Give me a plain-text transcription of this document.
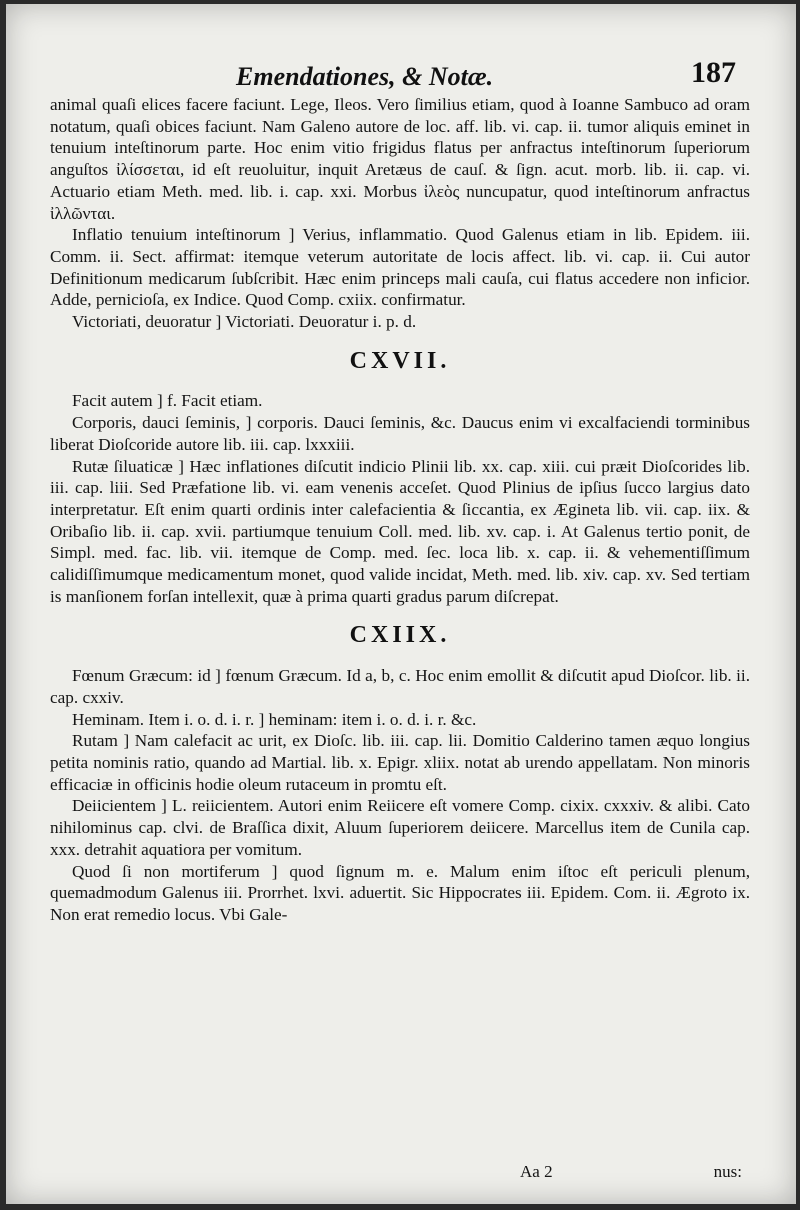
Emendationes, & Notæ.	187

animal quaſi elices facere faciunt. Lege, Ileos. Vero ſimilius etiam, quod à Ioanne Sambuco ad oram notatum, quaſi obices faciunt. Nam Galeno autore de loc. aff. lib. vi. cap. ii. tumor aliquis eminet in tenuium inteſtinorum parte. Hoc enim vitio frigidus flatus per anfractus inteſtinorum ſuperiorum anguſtos ἰλίσσεται, id eſt reuoluitur, inquit Aretæus de cauſ. & ſign. acut. morb. lib. ii. cap. vi. Actuario etiam Meth. med. lib. i. cap. xxi. Morbus ἰλεὸς nuncupatur, quod inteſtinorum anfractus ἰλλῶνται.

Inflatio tenuium inteſtinorum ] Verius, inflammatio. Quod Galenus etiam in lib. Epidem. iii. Comm. ii. Sect. affirmat: itemque veterum autoritate de locis affect. lib. vi. cap. ii. Cui autor Definitionum medicarum ſubſcribit. Hæc enim princeps mali cauſa, cui flatus accedere non inficior. Adde, pernicioſa, ex Indice. Quod Comp. cxiix. confirmatur.

Victoriati, deuoratur ] Victoriati. Deuoratur i. p. d.

CXVII.

Facit autem ] f. Facit etiam.

Corporis, dauci ſeminis, ] corporis. Dauci ſeminis, &c. Daucus enim vi excalfaciendi torminibus liberat Dioſcoride autore lib. iii. cap. lxxxiii.

Rutæ ſiluaticæ ] Hæc inflationes diſcutit indicio Plinii lib. xx. cap. xiii. cui præit Dioſcorides lib. iii. cap. liii. Sed Præfatione lib. vi. eam venenis acceſet. Quod Plinius de ipſius ſucco largius dato interpretatur. Eſt enim quarti ordinis inter calefacientia & ſiccantia, ex Ægineta lib. vii. cap. iix. & Oribaſio lib. ii. cap. xvii. partiumque tenuium Coll. med. lib. xv. cap. i. At Galenus tertio ponit, de Simpl. med. fac. lib. vii. itemque de Comp. med. ſec. loca lib. x. cap. ii. & vehementiſſimum calidiſſimumque medicamentum monet, quod valide incidat, Meth. med. lib. xiv. cap. xv. Sed tertiam is manſionem forſan intellexit, quæ à prima quarti gradus parum diſcrepat.

CXIIX.

Fœnum Græcum: id ] fœnum Græcum. Id a, b, c. Hoc enim emollit & diſcutit apud Dioſcor. lib. ii. cap. cxxiv.

Heminam. Item i. o. d. i. r. ] heminam: item i. o. d. i. r. &c.

Rutam ] Nam calefacit ac urit, ex Dioſc. lib. iii. cap. lii. Domitio Calderino tamen æquo longius petita nominis ratio, quando ad Martial. lib. x. Epigr. xliix. notat ab urendo appellatam. Non minoris efficaciæ in officinis hodie oleum rutaceum in promtu eſt.

Deiicientem ] L. reiicientem. Autori enim Reiicere eſt vomere Comp. cixix. cxxxiv. & alibi. Cato nihilominus cap. clvi. de Braſſica dixit, Aluum ſuperiorem deiicere. Marcellus item de Cunila cap. xxx. detrahit aquatiora per vomitum.

Quod ſi non mortiferum ] quod ſignum m. e. Malum enim iſtoc eſt periculi plenum, quemadmodum Galenus iii. Prorrhet. lxvi. aduertit. Sic Hippocrates iii. Epidem. Com. ii. Ægroto ix. Non erat remedio locus. Vbi Gale-

Aa 2	nus:
